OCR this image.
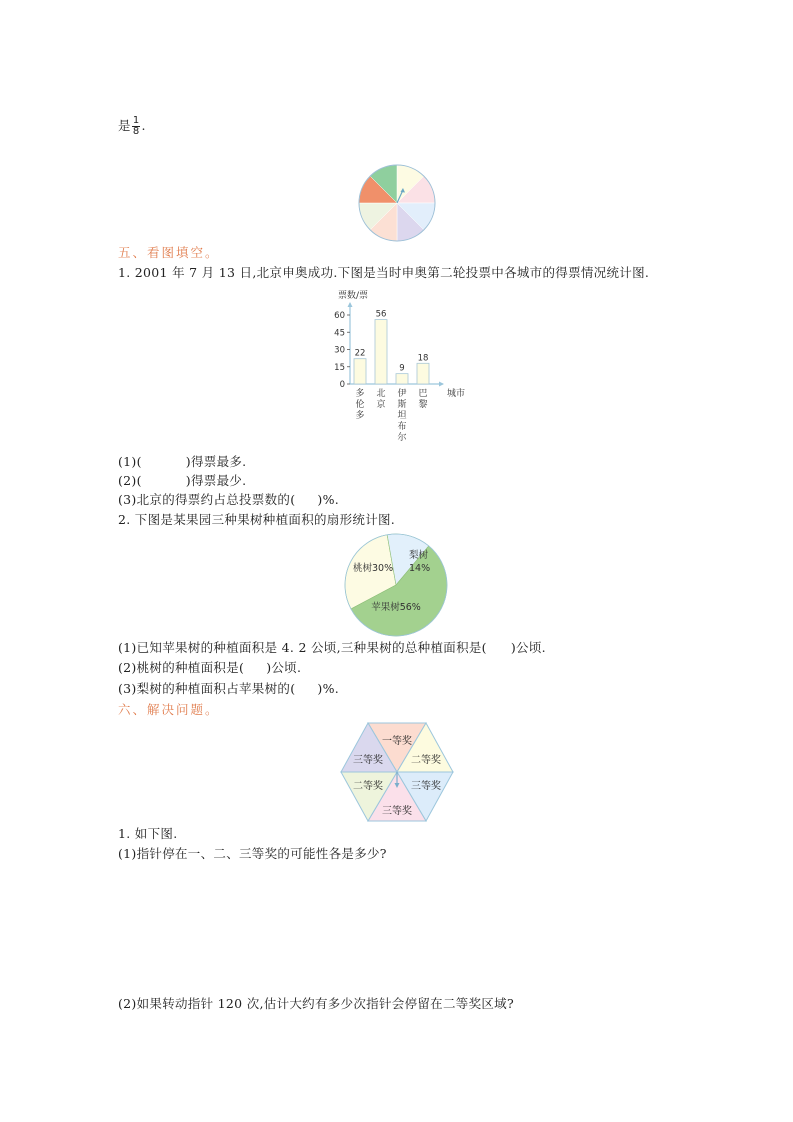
是 $\frac{1}{8}$ .
五、看图填空。
1. 2001 年 7 月 13 日,北京申奥成功.下图是当时申奥第二轮投票中各城市的得票情况统计图.
票数/票
城市
0
15
30
45
60
22
多
伦
多
56
北
京
9
伊
斯
坦
布
尔
18
巴
黎
(1)(	)得票最多.
(2)(	)得票最少.
(3)北京的得票约占总投票数的( )%.
2. 下图是某果园三种果树种植面积的扇形统计图.
桃树30%
梨树
14%
苹果树56%
(1)已知苹果树的种植面积是 4. 2 公顷,三种果树的总种植面积是( )公顷.
(2)桃树的种植面积是( )公顷.
(3)梨树的种植面积占苹果树的( )%.
六、解决问题。
一等奖
二等奖
三等奖
三等奖
二等奖
三等奖
1. 如下图.
(1)指针停在一、二、三等奖的可能性各是多少?
(2)如果转动指针 120 次,估计大约有多少次指针会停留在二等奖区域?
